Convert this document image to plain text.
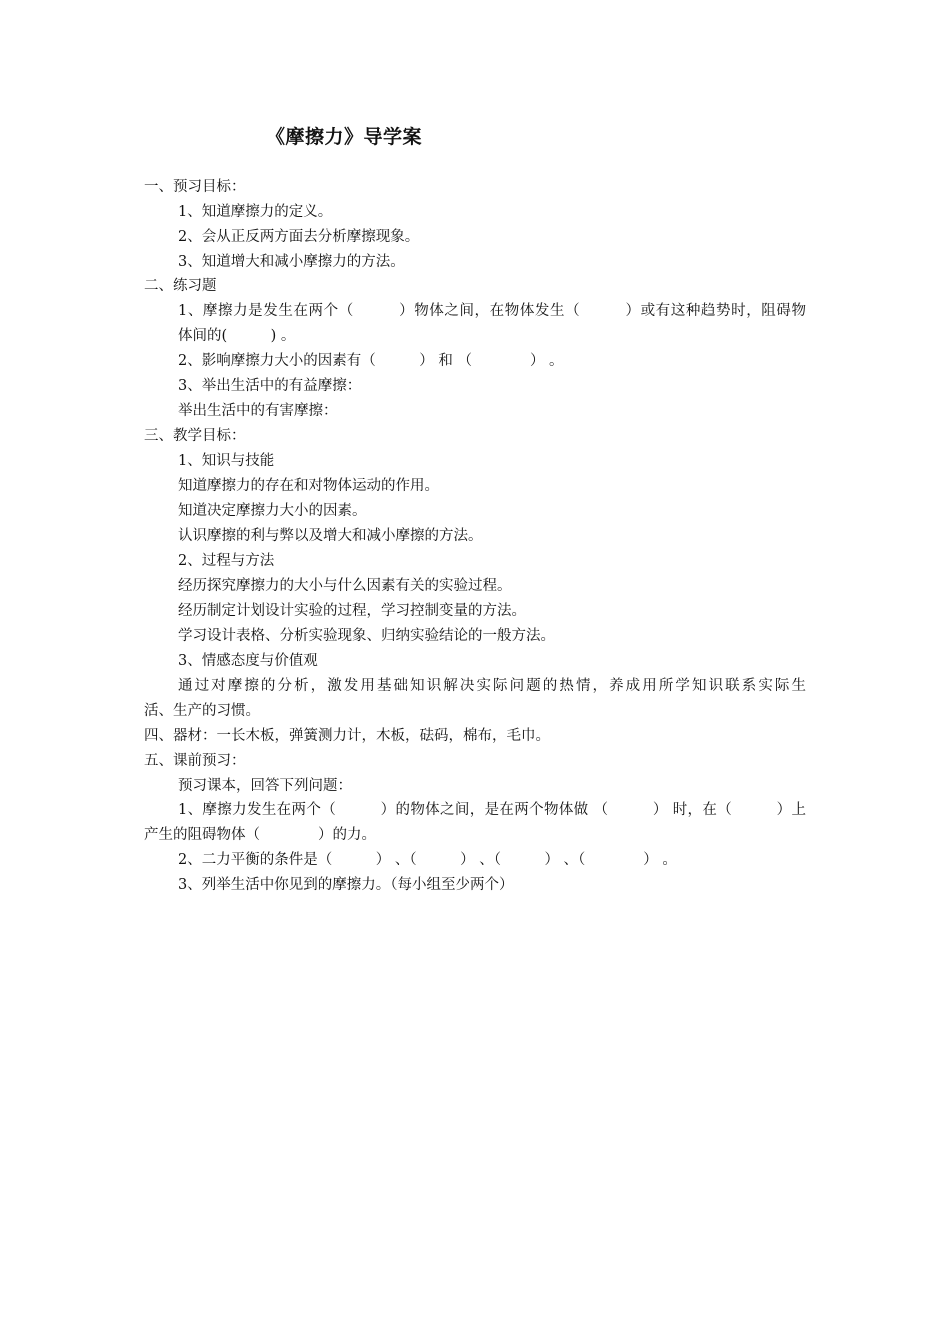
《摩擦力》导学案
一、预习目标：
1、知道摩擦力的定义。
2、会从正反两方面去分析摩擦现象。
3、知道增大和减小摩擦力的方法。
二、练习题
1、摩擦力是发生在两个（　　　）物体之间，在物体发生（　　　）或有这种趋势时，阻碍物
体间的(　　　) 。
2、影响摩擦力大小的因素有（　　　） 和 （　　　　） 。
3、举出生活中的有益摩擦：
举出生活中的有害摩擦：
三、教学目标：
1、知识与技能
知道摩擦力的存在和对物体运动的作用。
知道决定摩擦力大小的因素。
认识摩擦的利与弊以及增大和减小摩擦的方法。
2、过程与方法
经历探究摩擦力的大小与什么因素有关的实验过程。
经历制定计划设计实验的过程，学习控制变量的方法。
学习设计表格、分析实验现象、归纳实验结论的一般方法。
3、情感态度与价值观
通过对摩擦的分析，激发用基础知识解决实际问题的热情，养成用所学知识联系实际生
活、生产的习惯。
四、器材：一长木板，弹簧测力计，木板，砝码，棉布，毛巾。
五、课前预习：
预习课本，回答下列问题：
1、摩擦力发生在两个（　　　）的物体之间，是在两个物体做 （　　　） 时，在（　　　）上
产生的阻碍物体（　　　　）的力。
2、二力平衡的条件是（　　　） 、（　　　） 、（　　　） 、（　　　　） 。
3、列举生活中你见到的摩擦力。（每小组至少两个）
